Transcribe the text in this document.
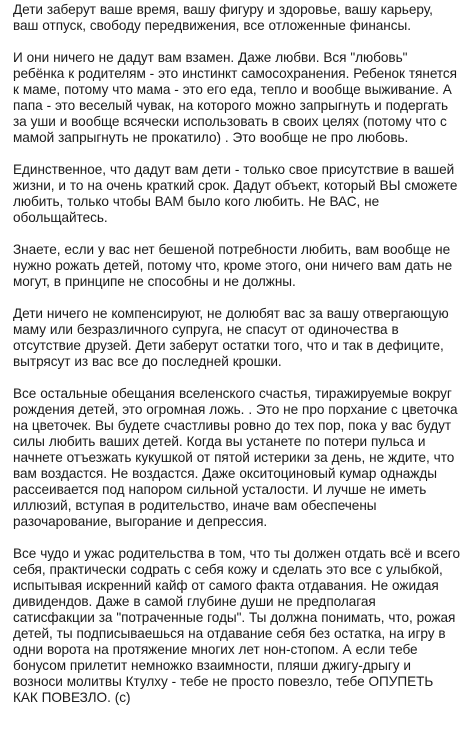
Дети заберут ваше время, вашу фигуру и здоровье, вашу карьеру, ваш отпуск, свободу передвижения, все отложенные финансы.

И они ничего не дадут вам взамен. Даже любви. Вся "любовь" ребёнка к родителям - это инстинкт самосохранения. Ребенок тянется к маме, потому что мама - это его еда, тепло и вообще выживание. А папа - это веселый чувак, на которого можно запрыгнуть и подергать за уши и вообще всячески использовать в своих целях (потому что с мамой запрыгнуть не прокатило) . Это вообще не про любовь.

Единственное, что дадут вам дети - только свое присутствие в вашей жизни, и то на очень краткий срок. Дадут объект, который ВЫ сможете любить, только чтобы ВАМ было кого любить. Не ВАС, не обольщайтесь.

Знаете, если у вас нет бешеной потребности любить, вам вообще не нужно рожать детей, потому что, кроме этого, они ничего вам дать не могут, в принципе не способны и не должны.

Дети ничего не компенсируют, не долюбят вас за вашу отвергающую маму или безразличного супруга, не спасут от одиночества в отсутствие друзей. Дети заберут остатки того, что и так в дефиците, вытрясут из вас все до последней крошки.

Все остальные обещания вселенского счастья, тиражируемые вокруг рождения детей, это огромная ложь. . Это не про порхание с цветочка на цветочек. Вы будете счастливы ровно до тех пор, пока у вас будут силы любить ваших детей. Когда вы устанете по потери пульса и начнете отъезжать кукушкой от пятой истерики за день, не ждите, что вам воздастся. Не воздастся. Даже окситоциновый кумар однажды рассеивается под напором сильной усталости. И лучше не иметь иллюзий, вступая в родительство, иначе вам обеспечены разочарование, выгорание и депрессия.

Все чудо и ужас родительства в том, что ты должен отдать всё и всего себя, практически содрать с себя кожу и сделать это все с улыбкой, испытывая искренний кайф от самого факта отдавания. Не ожидая дивидендов. Даже в самой глубине души не предполагая сатисфакции за "потраченные годы". Ты должна понимать, что, рожая детей, ты подписываешься на отдавание себя без остатка, на игру в одни ворота на протяжение многих лет нон-стопом. А если тебе бонусом прилетит немножко взаимности, пляши джигу-дрыгу и возноси молитвы Ктулху - тебе не просто повезло, тебе ОПУПЕТЬ КАК ПОВЕЗЛО. (с)
